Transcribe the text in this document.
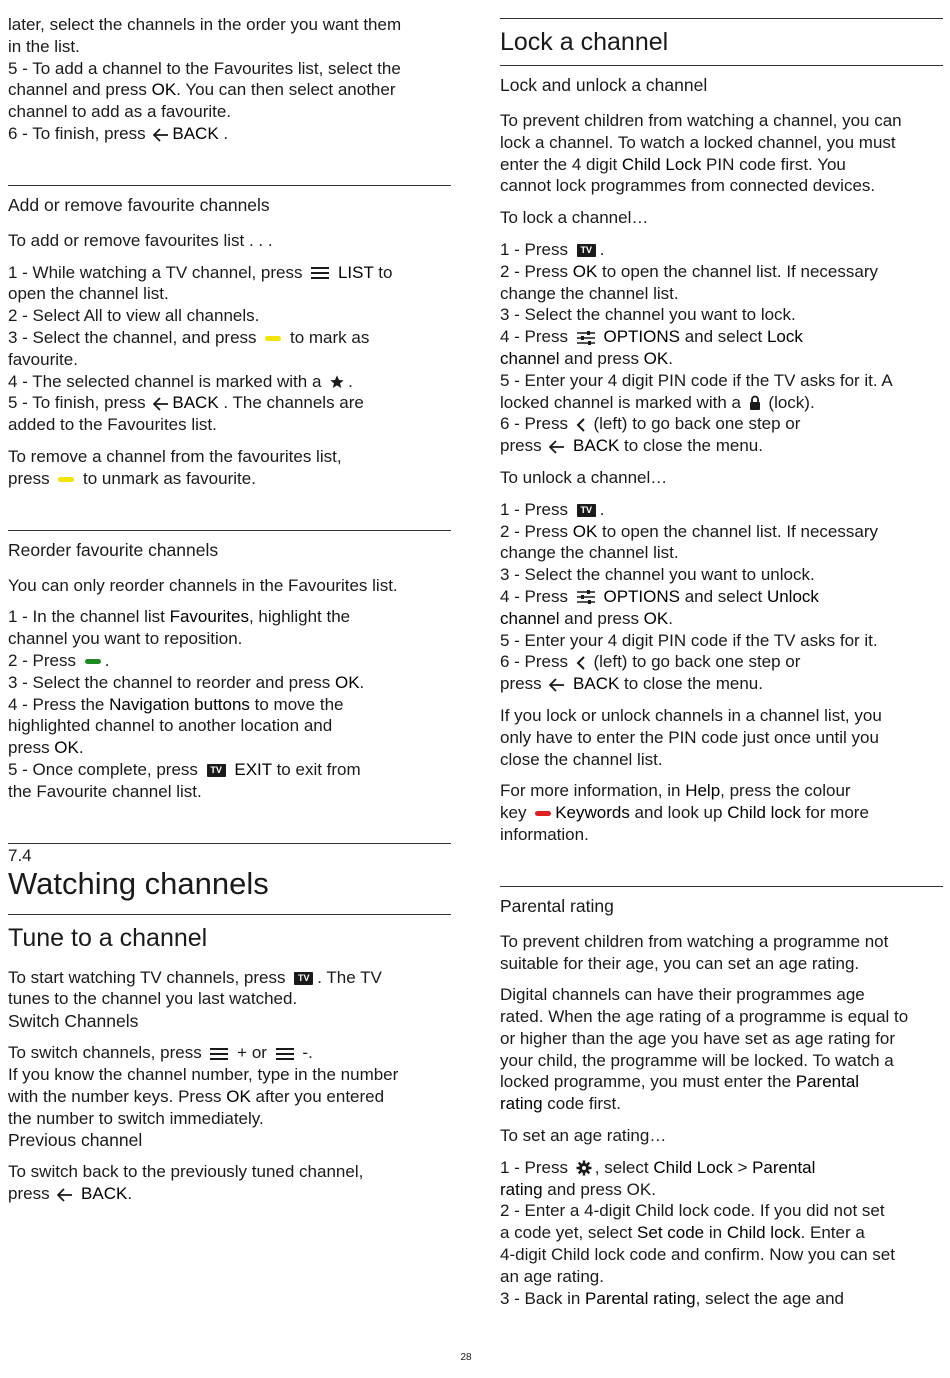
later, select the channels in the order you want them

in the list.

5 - To add a channel to the Favourites list, select the

channel and press OK. You can then select another

channel to add as a favourite.

6 - To finish, press
BACK .

Add or remove favourite channels

To add or remove favourites list . . .

1 - While watching a TV channel, press
LIST to

open the channel list.

2 - Select All to view all channels.

3 - Select the channel, and press  to mark as

favourite.

4 - The selected channel is marked with a
.

5 - To finish, press
BACK . The channels are

added to the Favourites list.

To remove a channel from the favourites list,

press  to unmark as favourite.

Reorder favourite channels

You can only reorder channels in the Favourites list.

1 - In the channel list Favourites, highlight the

channel you want to reposition.

2 - Press .

3 - Select the channel to reorder and press OK.

4 - Press the Navigation buttons to move the

highlighted channel to another location and

press OK.

5 - Once complete, press TV EXIT to exit from

the Favourite channel list.

7.4
Watching channels
Tune to a channel

To start watching TV channels, press TV . The TV

tunes to the channel you last watched.

Switch Channels

To switch channels, press
+ or
-.

If you know the channel number, type in the number

with the number keys. Press OK after you entered

the number to switch immediately.

Previous channel

To switch back to the previously tuned channel,

press
BACK.

Lock a channel
Lock and unlock a channel

To prevent children from watching a channel, you can

lock a channel. To watch a locked channel, you must

enter the 4 digit Child Lock PIN code first. You

cannot lock programmes from connected devices.

To lock a channel…

1 - Press TV .

2 - Press OK to open the channel list. If necessary

change the channel list.

3 - Select the channel you want to lock.

4 - Press
OPTIONS and select Lock

channel and press OK.

5 - Enter your 4 digit PIN code if the TV asks for it. A

locked channel is marked with a
(lock).

6 - Press
(left) to go back one step or

press
BACK to close the menu.

To unlock a channel…

1 - Press TV .

2 - Press OK to open the channel list. If necessary

change the channel list.

3 - Select the channel you want to unlock.

4 - Press
OPTIONS and select Unlock

channel and press OK.

5 - Enter your 4 digit PIN code if the TV asks for it.

6 - Press
(left) to go back one step or

press
BACK to close the menu.

If you lock or unlock channels in a channel list, you

only have to enter the PIN code just once until you

close the channel list.

For more information, in Help, press the colour

key Keywords and look up Child lock for more

information.

Parental rating

To prevent children from watching a programme not

suitable for their age, you can set an age rating.

Digital channels can have their programmes age

rated. When the age rating of a programme is equal to

or higher than the age you have set as age rating for

your child, the programme will be locked. To watch a

locked programme, you must enter the Parental

rating code first.

To set an age rating…

1 - Press
, select Child Lock > Parental

rating and press OK.

2 - Enter a 4-digit Child lock code. If you did not set

a code yet, select Set code in Child lock. Enter a

4-digit Child lock code and confirm. Now you can set

an age rating.

3 - Back in Parental rating, select the age and

28
